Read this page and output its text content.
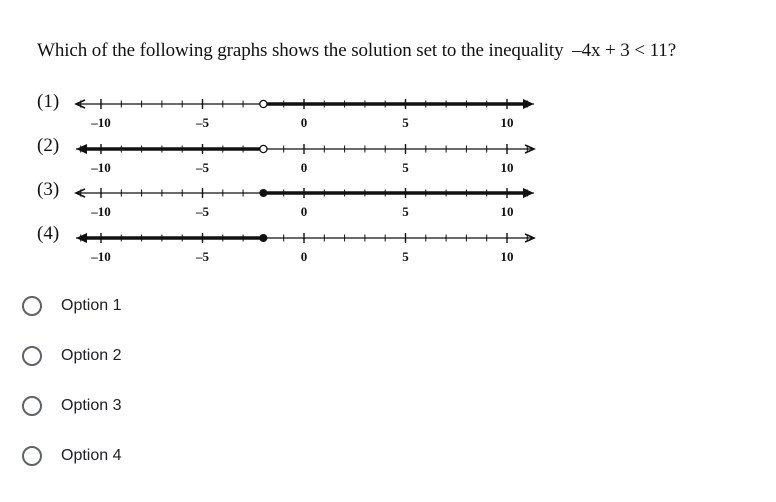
Which of the following graphs shows the solution set to the inequality –4x + 3 < 11?
(1)
(2)
(3)
(4)
–10	–5	0	5	10
–10	–5	0	5	10
–10	–5	0	5	10
–10	–5	0	5	10
Option 1
Option 2
Option 3
Option 4
